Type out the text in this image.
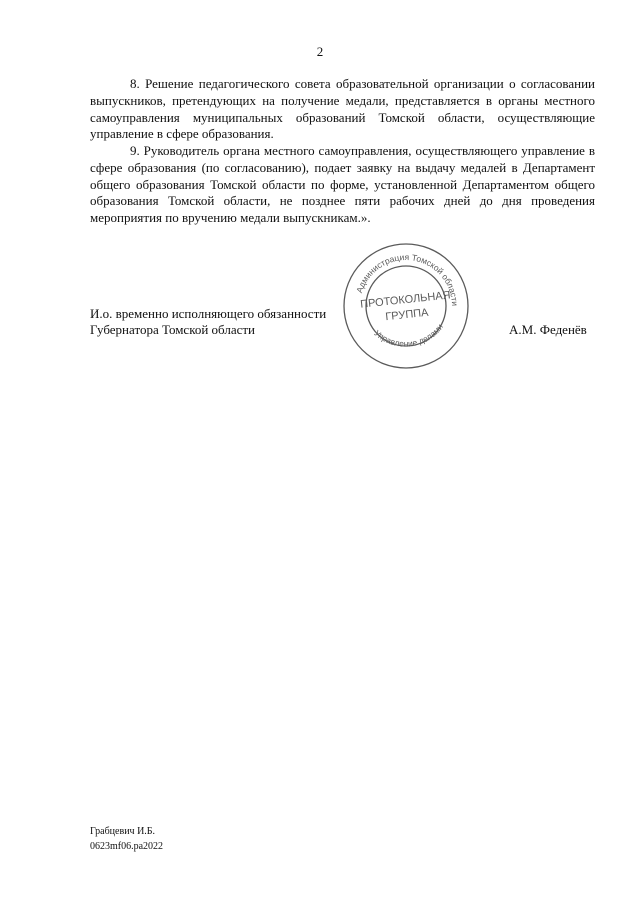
2

8. Решение педагогического совета образовательной организации о согласовании выпускников, претендующих на получение медали, представляется в органы местного самоуправления муниципальных образований Томской области, осуществляющие управление в сфере образования.

9. Руководитель органа местного самоуправления, осуществляющего управление в сфере образования (по согласованию), подает заявку на выдачу медалей в Департамент общего образования Томской области по форме, установленной Департаментом общего образования Томской области, не позднее пяти рабочих дней до дня проведения мероприятия по вручению медали выпускникам.».

И.о. временно исполняющего обязанности
Губернатора Томской области	А.М. Феденёв
Администрация Томской области
Управление делами
ПРОТОКОЛЬНАЯ
ГРУППА
Грабцевич И.Б.
0623mf06.pa2022
